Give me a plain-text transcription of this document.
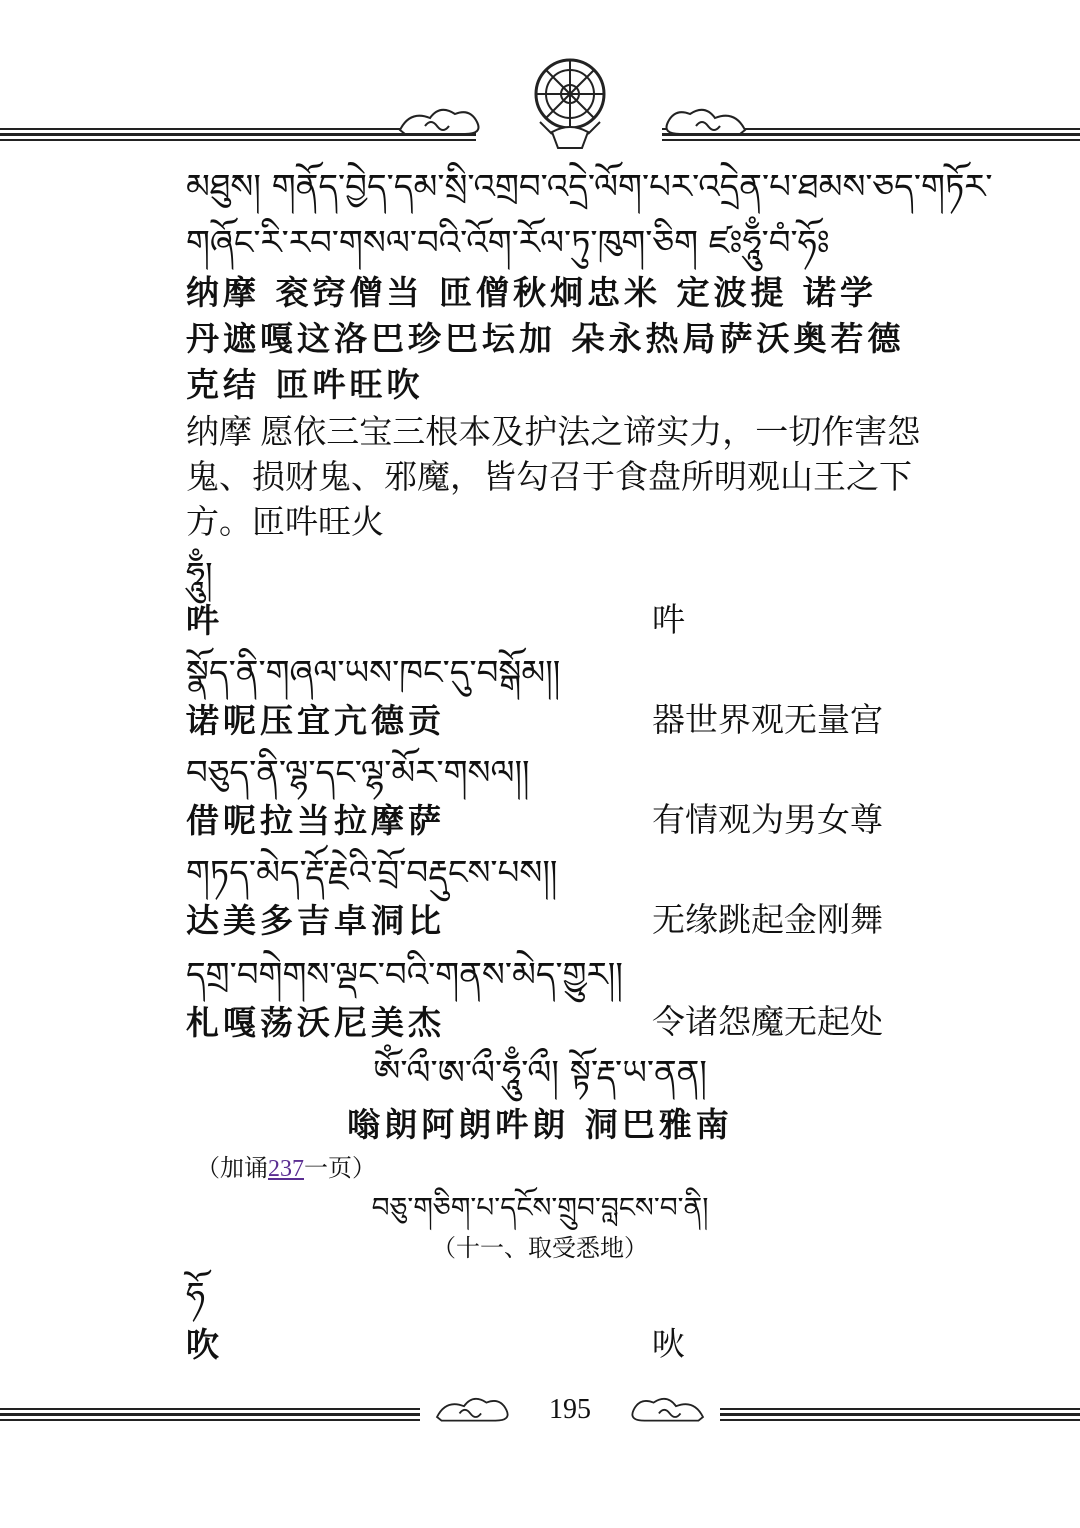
མཐུས། གནོད་བྱེད་དམ་སྲི་འགྲབ་འདྲེ་ལོག་པར་འདྲེན་པ་ཐམས་ཅད་གཏོར་
གཞོང་རི་རབ་གསལ་བའི་འོག་རོལ་ཏུ་ཁུག་ཅིག ཛཿཧཱུྃ་བཾ་ཧོཿ
纳摩 衮窍僧当 匝僧秋炯忠米 定波提 诺学
丹遮嘎这洛巴珍巴坛加 朵永热局萨沃奥若德
克结 匝吽旺吹
纳摩 愿依三宝三根本及护法之谛实力，一切作害怨
鬼、损财鬼、邪魔，皆勾召于食盘所明观山王之下
方。匝吽旺火
ཧཱུྃ།
吽	吽
སྣོད་ནི་གཞལ་ཡས་ཁང་དུ་བསྒོམ།།
诺呢压宜亢德贡	器世界观无量宫
བཅུད་ནི་ལྷ་དང་ལྷ་མོར་གསལ།།
借呢拉当拉摩萨	有情观为男女尊
གཏད་མེད་རྡོ་རྗེའི་བྲོ་བརྡུངས་པས།།
达美多吉卓洞比	无缘跳起金刚舞
དགྲ་བགེགས་ལྡང་བའི་གནས་མེད་གྱུར།།
札嘎荡沃尼美杰	令诸怨魔无起处
ཨོཾ་ལྀ་ཨ་ལྀ་ཧཱུྃ་ལྀ། སྟོ་རྡ་ཡ་ནན།
嗡朗阿朗吽朗 洞巴雅南
（加诵237一页）
བཅུ་གཅིག་པ་དངོས་གྲུབ་བླངས་བ་ནི།
（十一、取受悉地）
ཧོ
吹	吙
195
